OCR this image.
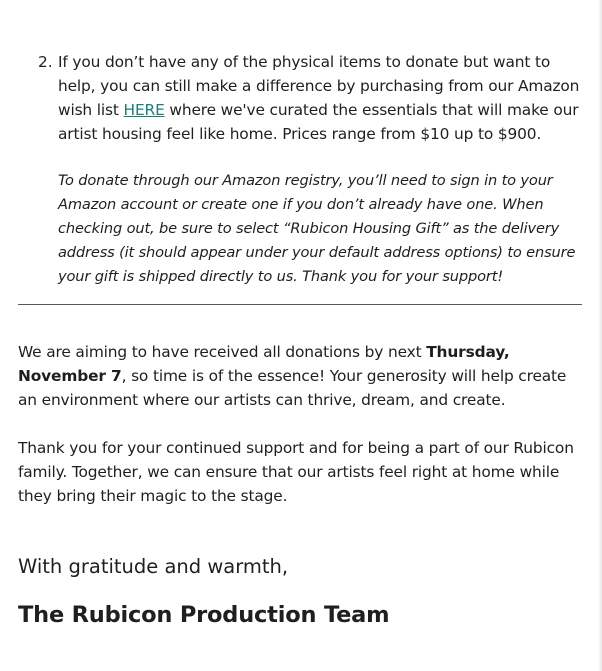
2. If you don’t have any of the physical items to donate but want to help, you can still make a difference by purchasing from our Amazon wish list HERE where we've curated the essentials that will make our artist housing feel like home. Prices range from $10 up to $900.

To donate through our Amazon registry, you’ll need to sign in to your Amazon account or create one if you don’t already have one. When checking out, be sure to select “Rubicon Housing Gift” as the delivery address (it should appear under your default address options) to ensure your gift is shipped directly to us. Thank you for your support!

We are aiming to have received all donations by next Thursday, November 7, so time is of the essence! Your generosity will help create an environment where our artists can thrive, dream, and create.

Thank you for your continued support and for being a part of our Rubicon family. Together, we can ensure that our artists feel right at home while they bring their magic to the stage.

With gratitude and warmth,

The Rubicon Production Team
